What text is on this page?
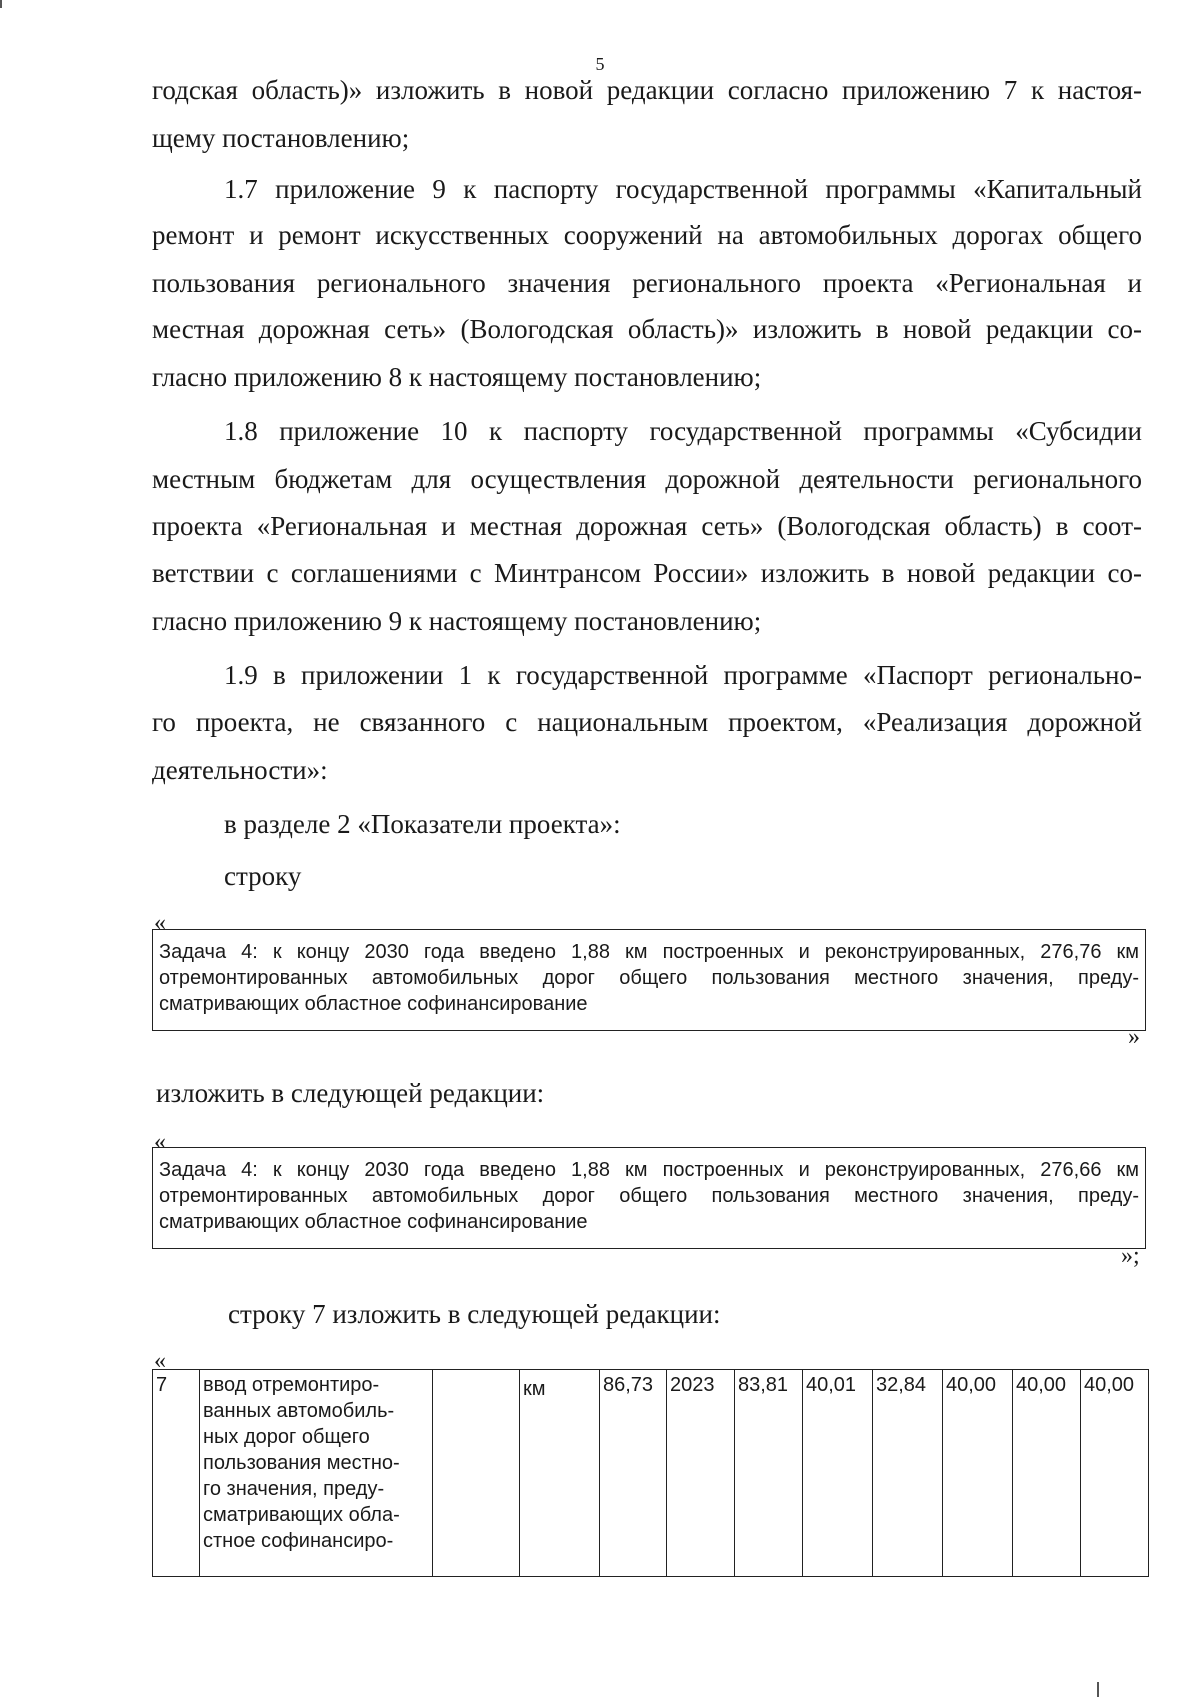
5
годская область)» изложить в новой редакции согласно приложению 7 к настоя-
щему постановлению;
1.7 приложение 9 к паспорту государственной программы «Капитальный
ремонт и ремонт искусственных сооружений на автомобильных дорогах общего
пользования регионального значения регионального проекта «Региональная и
местная дорожная сеть» (Вологодская область)» изложить в новой редакции со-
гласно приложению 8 к настоящему постановлению;
1.8 приложение 10 к паспорту государственной программы «Субсидии
местным бюджетам для осуществления дорожной деятельности регионального
проекта «Региональная и местная дорожная сеть» (Вологодская область) в соот-
ветствии с соглашениями с Минтрансом России» изложить в новой редакции со-
гласно приложению 9 к настоящему постановлению;
1.9 в приложении 1 к государственной программе «Паспорт регионально-
го проекта, не связанного с национальным проектом, «Реализация дорожной
деятельности»:
в разделе 2 «Показатели проекта»:
строку
«
Задача 4: к концу 2030 года введено 1,88 км построенных и реконструированных, 276,76 км
отремонтированных автомобильных дорог общего пользования местного значения, преду-
сматривающих областное софинансирование
»
изложить в следующей редакции:
«
Задача 4: к концу 2030 года введено 1,88 км построенных и реконструированных, 276,66 км
отремонтированных автомобильных дорог общего пользования местного значения, преду-
сматривающих областное софинансирование
»;
строку 7 изложить в следующей редакции:
«
7	ввод отремонтиро-
ванных автомобиль-
ных дорог общего
пользования местно-
го значения, преду-
сматривающих обла-
стное софинансиро-
		км	86,73	2023	83,81	40,01	32,84	40,00	40,00	40,00
